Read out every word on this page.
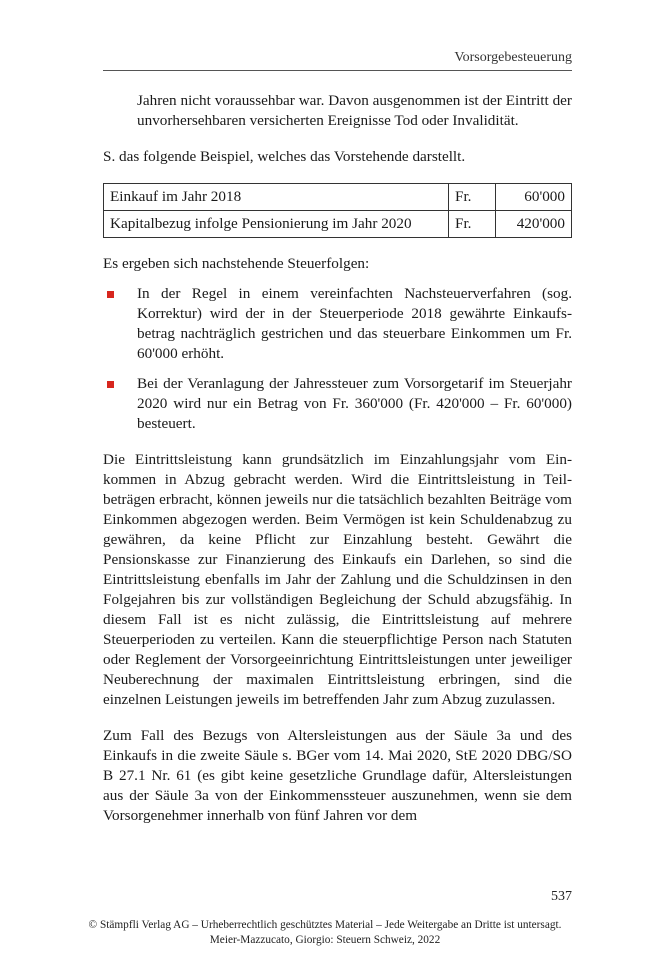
Vorsorgebesteuerung

Jahren nicht voraussehbar war. Davon ausgenommen ist der Eintritt der unvorhersehbaren versicherten Ereignisse Tod oder Invalidität.

S. das folgende Beispiel, welches das Vorstehende darstellt.

Einkauf im Jahr 2018	Fr.	60'000
Kapitalbezug infolge Pensionierung im Jahr 2020	Fr.	420'000

Es ergeben sich nachstehende Steuerfolgen:

In der Regel in einem vereinfachten Nachsteuerverfahren (sog. Korrektur) wird der in der Steuerperiode 2018 gewährte Einkaufsbetrag nachträglich gestrichen und das steuerbare Einkommen um Fr. 60'000 erhöht.
Bei der Veranlagung der Jahressteuer zum Vorsorgetarif im Steuerjahr 2020 wird nur ein Betrag von Fr. 360'000 (Fr. 420'000 – Fr. 60'000) besteuert.

Die Eintrittsleistung kann grundsätzlich im Einzahlungsjahr vom Einkommen in Abzug gebracht werden. Wird die Eintrittsleistung in Teilbeträgen erbracht, können jeweils nur die tatsächlich bezahlten Beiträge vom Einkommen abgezogen werden. Beim Vermögen ist kein Schuldenabzug zu gewähren, da keine Pflicht zur Einzahlung besteht. Gewährt die Pensionskasse zur Finanzierung des Einkaufs ein Darlehen, so sind die Eintrittsleistung ebenfalls im Jahr der Zahlung und die Schuldzinsen in den Folgejahren bis zur vollständigen Begleichung der Schuld abzugsfähig. In diesem Fall ist es nicht zulässig, die Eintrittsleistung auf mehrere Steuerperioden zu verteilen. Kann die steuerpflichtige Person nach Statuten oder Reglement der Vorsorgeeinrichtung Eintrittsleistungen unter jeweiliger Neuberechnung der maximalen Eintrittsleistung erbringen, sind die einzelnen Leistungen jeweils im betreffenden Jahr zum Abzug zuzulassen.

Zum Fall des Bezugs von Altersleistungen aus der Säule 3a und des Einkaufs in die zweite Säule s. BGer vom 14. Mai 2020, StE 2020 DBG/SO B 27.1 Nr. 61 (es gibt keine gesetzliche Grundlage dafür, Altersleistungen aus der Säule 3a von der Einkommenssteuer auszunehmen, wenn sie dem Vorsorgenehmer innerhalb von fünf Jahren vor dem

537
© Stämpfli Verlag AG – Urheberrechtlich geschütztes Material – Jede Weitergabe an Dritte ist untersagt.
Meier-Mazzucato, Giorgio: Steuern Schweiz, 2022
